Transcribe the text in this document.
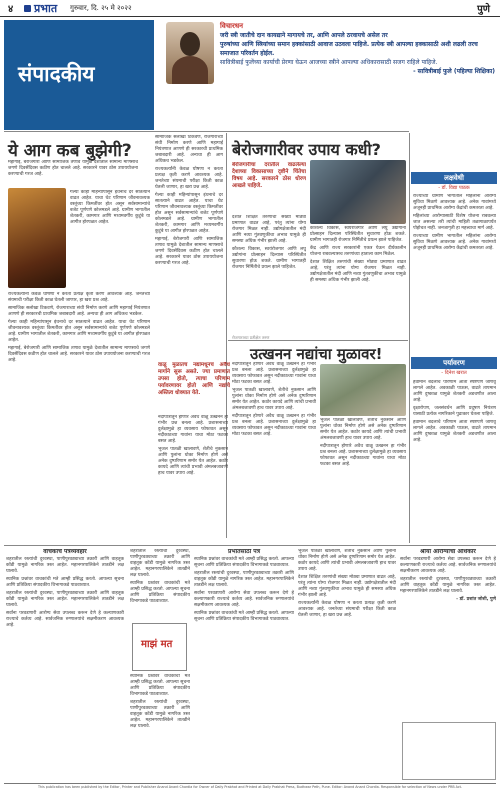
४	प्रभात गुरुवार, दि. २५ मे २०२२	पुणे
संपादकीय
विचारधन
जरी स्त्री जातीचे दान कायद्याने मागायचे तर, आणि आपले ठरवायचे असेल तर
पुरुषांच्या आणि स्त्रियांच्या समान हक्कांसाठी आवाज उठवला पाहिजे. प्रत्येक स्त्री आपल्या हक्कासाठी अशी लढली तरच समाजात परिवर्तन होईल.
सावित्रीबाई फुलेंच्या कार्याची प्रेरणा घेऊन आजच्या स्त्रीने आपल्या अधिकारासाठी सजग राहिले पाहिजे.
- सावित्रीबाई फुले (पहिल्या शिक्षिका)
ये आग कब बुझेगी?

महागाई, बेरोजगारी आणि सामाजिक तणाव यामुळे देशातील सामान्य माणसाचे जगणे दिवसेंदिवस कठीण होत चालले आहे. सरकारने यावर ठोस उपाययोजना करण्याची गरज आहे.

गेल्या काही महिन्यांपासून इंधनाचे दर सातत्याने वाढत आहेत. याचा थेट परिणाम जीवनावश्यक वस्तूंच्या किमतींवर होत असून सर्वसामान्यांचे बजेट पूर्णपणे कोलमडले आहे. ग्रामीण भागातील शेतकरी, कामगार आणि मध्यमवर्गीय कुटुंबे या आगीत होरपळत आहेत.

राज्यकर्त्यांनी केवळ घोषणा न करता प्रत्यक्ष कृती करणे आवश्यक आहे. जनतेच्या संयमाची परीक्षा किती काळ घेतली जाणार, हा खरा प्रश्न आहे.

सामाजिक सलोखा टिकवणे, रोजगाराच्या संधी निर्माण करणे आणि महागाई नियंत्रणात आणणे ही सरकारची प्राथमिक जबाबदारी आहे. अन्यथा ही आग अधिकच भडकेल.

गेल्या काही महिन्यांपासून इंधनाचे दर सातत्याने वाढत आहेत. याचा थेट परिणाम जीवनावश्यक वस्तूंच्या किमतींवर होत असून सर्वसामान्यांचे बजेट पूर्णपणे कोलमडले आहे. ग्रामीण भागातील शेतकरी, कामगार आणि मध्यमवर्गीय कुटुंबे या आगीत होरपळत आहेत.

महागाई, बेरोजगारी आणि सामाजिक तणाव यामुळे देशातील सामान्य माणसाचे जगणे दिवसेंदिवस कठीण होत चालले आहे. सरकारने यावर ठोस उपाययोजना करण्याची गरज आहे.

सामाजिक सलोखा टिकवणे, रोजगाराच्या संधी निर्माण करणे आणि महागाई नियंत्रणात आणणे ही सरकारची प्राथमिक जबाबदारी आहे. अन्यथा ही आग अधिकच भडकेल.

राज्यकर्त्यांनी केवळ घोषणा न करता प्रत्यक्ष कृती करणे आवश्यक आहे. जनतेच्या संयमाची परीक्षा किती काळ घेतली जाणार, हा खरा प्रश्न आहे.

गेल्या काही महिन्यांपासून इंधनाचे दर सातत्याने वाढत आहेत. याचा थेट परिणाम जीवनावश्यक वस्तूंच्या किमतींवर होत असून सर्वसामान्यांचे बजेट पूर्णपणे कोलमडले आहे. ग्रामीण भागातील शेतकरी, कामगार आणि मध्यमवर्गीय कुटुंबे या आगीत होरपळत आहेत.

महागाई, बेरोजगारी आणि सामाजिक तणाव यामुळे देशातील सामान्य माणसाचे जगणे दिवसेंदिवस कठीण होत चालले आहे. सरकारने यावर ठोस उपाययोजना करण्याची गरज आहे.

बेरोजगारीवर उपाय कधी?

बेरोजगारीचा दरातील वाढलेल्या देशाच्या विकासाच्या दृष्टीने चिंतेचा विषय आहे. सरकारने ठोस धोरण आखले पाहिजे.

देशात शिक्षित तरुणांची संख्या मोठ्या प्रमाणात वाढत आहे, परंतु त्यांना योग्य रोजगार मिळत नाही. उद्योगक्षेत्रातील मंदी आणि नव्या गुंतवणुकीचा अभाव यामुळे ही समस्या अधिक गंभीर झाली आहे.

कौशल्य विकास, स्वयंरोजगार आणि लघु उद्योगांना प्रोत्साहन दिल्यास परिस्थितीत सुधारणा होऊ शकते. ग्रामीण भागातही रोजगार निर्मितीचे प्रयत्न झाले पाहिजेत.

कौशल्य विकास, स्वयंरोजगार आणि लघु उद्योगांना प्रोत्साहन दिल्यास परिस्थितीत सुधारणा होऊ शकते. ग्रामीण भागातही रोजगार निर्मितीचे प्रयत्न झाले पाहिजेत.

केंद्र आणि राज्य सरकारांनी एकत्र येऊन दीर्घकालीन योजना राबवल्यासच तरुणांच्या हाताला काम मिळेल.

देशात शिक्षित तरुणांची संख्या मोठ्या प्रमाणात वाढत आहे, परंतु त्यांना योग्य रोजगार मिळत नाही. उद्योगक्षेत्रातील मंदी आणि नव्या गुंतवणुकीचा अभाव यामुळे ही समस्या अधिक गंभीर झाली आहे.

रोजगाराच्या प्रतीक्षेत तरुण

उत्खनन नद्यांचा मुळावर!

वाळू मुळातच नद्यांमधूनच अवैध मार्गाने सुरू असते. ज्या प्रमाणात उपसा होतो, त्याचा परिणाम पर्यावरणावर होतो आणि नद्यांचे अस्तित्व धोक्यात येते.

नदीपात्रातून होणारे अवैध वाळू उत्खनन हा गंभीर प्रश्न बनला आहे. प्रशासनाच्या दुर्लक्षामुळे हा व्यवसाय फोफावत असून नदीकाठच्या गावांना याचा मोठा फटका बसत आहे.

भूजल पातळी खालावणे, शेतीचे नुकसान आणि पुलांना धोका निर्माण होणे असे अनेक दुष्परिणाम समोर येत आहेत. कठोर कायदे आणि त्यांची प्रभावी अंमलबजावणी हाच यावर उपाय आहे.

नदीपात्रातून होणारे अवैध वाळू उत्खनन हा गंभीर प्रश्न बनला आहे. प्रशासनाच्या दुर्लक्षामुळे हा व्यवसाय फोफावत असून नदीकाठच्या गावांना याचा मोठा फटका बसत आहे.

भूजल पातळी खालावणे, शेतीचे नुकसान आणि पुलांना धोका निर्माण होणे असे अनेक दुष्परिणाम समोर येत आहेत. कठोर कायदे आणि त्यांची प्रभावी अंमलबजावणी हाच यावर उपाय आहे.

नदीपात्रातून होणारे अवैध वाळू उत्खनन हा गंभीर प्रश्न बनला आहे. प्रशासनाच्या दुर्लक्षामुळे हा व्यवसाय फोफावत असून नदीकाठच्या गावांना याचा मोठा फटका बसत आहे.

नदीपात्रातून होणारे अवैध वाळू उत्खनन हा गंभीर प्रश्न बनला आहे. प्रशासनाच्या दुर्लक्षामुळे हा व्यवसाय फोफावत असून नदीकाठच्या गावांना याचा मोठा फटका बसत आहे.

भूजल पातळी खालावणे, शेतीचे नुकसान आणि पुलांना धोका निर्माण होणे असे अनेक दुष्परिणाम समोर येत आहेत. कठोर कायदे आणि त्यांची प्रभावी अंमलबजावणी हाच यावर उपाय आहे.

लक्षवेधी
- डॉ. विद्या पाठक

राज्याच्या ग्रामीण भागातील महिलांना आरोग्य सुविधा मिळणे आवश्यक आहे. अनेक गावांमध्ये अजूनही प्राथमिक आरोग्य केंद्रांची कमतरता आहे.

महिलांच्या आरोग्यासाठी विशेष योजना राबवल्या जात असल्या तरी त्यांची माहिती तळागाळापर्यंत पोहोचत नाही. जनजागृती हा महत्त्वाचा मार्ग आहे.

राज्याच्या ग्रामीण भागातील महिलांना आरोग्य सुविधा मिळणे आवश्यक आहे. अनेक गावांमध्ये अजूनही प्राथमिक आरोग्य केंद्रांची कमतरता आहे.

पर्यावरण
- दिनेश खरात

हवामान बदलाचे परिणाम आता स्पष्टपणे जाणवू लागले आहेत. अवकाळी पाऊस, वाढते तापमान आणि दुष्काळ यामुळे शेतकरी अडचणीत आला आहे.

वृक्षारोपण, जलसंवर्धन आणि प्रदूषण नियंत्रण यासाठी प्रत्येक नागरिकाने पुढाकार घेतला पाहिजे.

हवामान बदलाचे परिणाम आता स्पष्टपणे जाणवू लागले आहेत. अवकाळी पाऊस, वाढते तापमान आणि दुष्काळ यामुळे शेतकरी अडचणीत आला आहे.

वाचकांचे पत्रव्यवहार

शहरातील रस्त्यांची दुरवस्था, पाणीपुरवठ्याच्या तक्रारी आणि वाहतूक कोंडी यामुळे नागरिक त्रस्त आहेत. महानगरपालिकेने तातडीने लक्ष घालावे.

स्थानिक प्रश्नांवर वाचकांची मते आम्ही प्रसिद्ध करतो. आपल्या सूचना आणि प्रतिक्रिया संपादकीय विभागाकडे पाठवाव्यात.

शहरातील रस्त्यांची दुरवस्था, पाणीपुरवठ्याच्या तक्रारी आणि वाहतूक कोंडी यामुळे नागरिक त्रस्त आहेत. महानगरपालिकेने तातडीने लक्ष घालावे.

सर्वांना परवडणारी आरोग्य सेवा उपलब्ध करून देणे हे कल्याणकारी राज्याचे कर्तव्य आहे. सार्वजनिक रुग्णालयांचे सक्षमीकरण आवश्यक आहे.

शहरातील रस्त्यांची दुरवस्था, पाणीपुरवठ्याच्या तक्रारी आणि वाहतूक कोंडी यामुळे नागरिक त्रस्त आहेत. महानगरपालिकेने तातडीने लक्ष घालावे.

स्थानिक प्रश्नांवर वाचकांची मते आम्ही प्रसिद्ध करतो. आपल्या सूचना आणि प्रतिक्रिया संपादकीय विभागाकडे पाठवाव्यात.

माझं मत

स्थानिक प्रश्नांवर वाचकांची मते आम्ही प्रसिद्ध करतो. आपल्या सूचना आणि प्रतिक्रिया संपादकीय विभागाकडे पाठवाव्यात.

शहरातील रस्त्यांची दुरवस्था, पाणीपुरवठ्याच्या तक्रारी आणि वाहतूक कोंडी यामुळे नागरिक त्रस्त आहेत. महानगरपालिकेने तातडीने लक्ष घालावे.

प्रभातसाठी पत्र

स्थानिक प्रश्नांवर वाचकांची मते आम्ही प्रसिद्ध करतो. आपल्या सूचना आणि प्रतिक्रिया संपादकीय विभागाकडे पाठवाव्यात.

शहरातील रस्त्यांची दुरवस्था, पाणीपुरवठ्याच्या तक्रारी आणि वाहतूक कोंडी यामुळे नागरिक त्रस्त आहेत. महानगरपालिकेने तातडीने लक्ष घालावे.

सर्वांना परवडणारी आरोग्य सेवा उपलब्ध करून देणे हे कल्याणकारी राज्याचे कर्तव्य आहे. सार्वजनिक रुग्णालयांचे सक्षमीकरण आवश्यक आहे.

स्थानिक प्रश्नांवर वाचकांची मते आम्ही प्रसिद्ध करतो. आपल्या सूचना आणि प्रतिक्रिया संपादकीय विभागाकडे पाठवाव्यात.

भूजल पातळी खालावणे, शेतीचे नुकसान आणि पुलांना धोका निर्माण होणे असे अनेक दुष्परिणाम समोर येत आहेत. कठोर कायदे आणि त्यांची प्रभावी अंमलबजावणी हाच यावर उपाय आहे.

देशात शिक्षित तरुणांची संख्या मोठ्या प्रमाणात वाढत आहे, परंतु त्यांना योग्य रोजगार मिळत नाही. उद्योगक्षेत्रातील मंदी आणि नव्या गुंतवणुकीचा अभाव यामुळे ही समस्या अधिक गंभीर झाली आहे.

राज्यकर्त्यांनी केवळ घोषणा न करता प्रत्यक्ष कृती करणे आवश्यक आहे. जनतेच्या संयमाची परीक्षा किती काळ घेतली जाणार, हा खरा प्रश्न आहे.

श्रीया आरोग्याचा अधिकार

सर्वांना परवडणारी आरोग्य सेवा उपलब्ध करून देणे हे कल्याणकारी राज्याचे कर्तव्य आहे. सार्वजनिक रुग्णालयांचे सक्षमीकरण आवश्यक आहे.

शहरातील रस्त्यांची दुरवस्था, पाणीपुरवठ्याच्या तक्रारी आणि वाहतूक कोंडी यामुळे नागरिक त्रस्त आहेत. महानगरपालिकेने तातडीने लक्ष घालावे.

- डॉ. प्रशांत जोशी, पुणे

This publication has been published by the Editor, Printer and Publisher Anand Anant Chordia for Owner of Daily Prabhat and Printed at Daily Prabhat Press, Budhwar Peth, Pune. Editor: Anand Anant Chordia. Responsible for selection of News under PRB Act.
